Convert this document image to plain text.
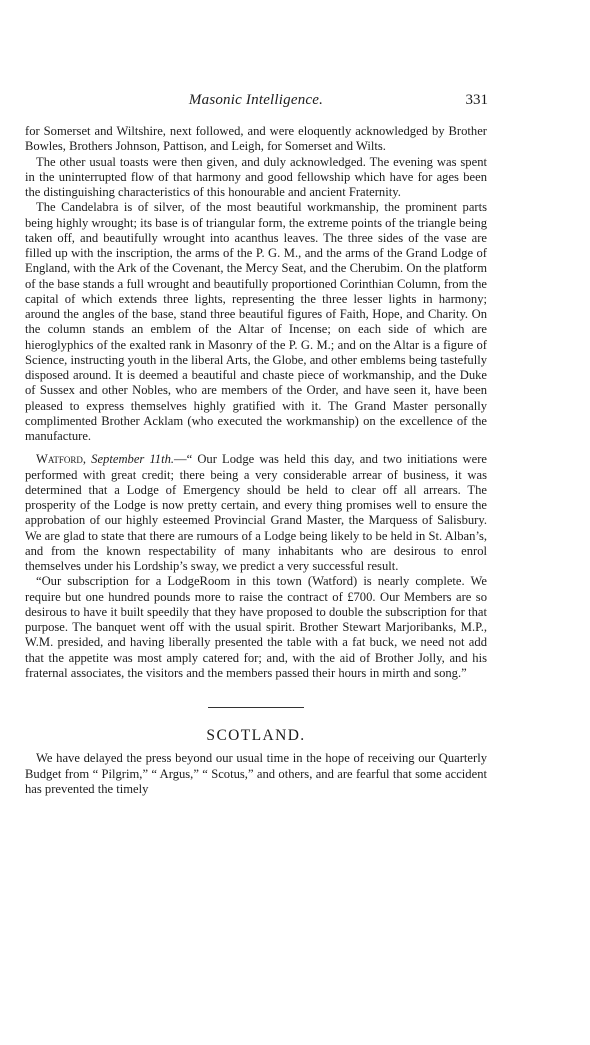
Masonic Intelligence.	331

for Somerset and Wiltshire, next followed, and were eloquently acknowledged by Brother Bowles, Brothers Johnson, Pattison, and Leigh, for Somerset and Wilts.

The other usual toasts were then given, and duly acknowledged. The evening was spent in the uninterrupted flow of that harmony and good fellowship which have for ages been the distinguishing characteristics of this honourable and ancient Fraternity.

The Candelabra is of silver, of the most beautiful workmanship, the prominent parts being highly wrought; its base is of triangular form, the extreme points of the triangle being taken off, and beautifully wrought into acanthus leaves. The three sides of the vase are filled up with the inscription, the arms of the P. G. M., and the arms of the Grand Lodge of England, with the Ark of the Covenant, the Mercy Seat, and the Cherubim. On the platform of the base stands a full wrought and beautifully proportioned Corinthian Column, from the capital of which extends three lights, representing the three lesser lights in harmony; around the angles of the base, stand three beautiful figures of Faith, Hope, and Charity. On the column stands an emblem of the Altar of Incense; on each side of which are hieroglyphics of the exalted rank in Masonry of the P. G. M.; and on the Altar is a figure of Science, instructing youth in the liberal Arts, the Globe, and other emblems being tastefully disposed around. It is deemed a beautiful and chaste piece of workmanship, and the Duke of Sussex and other Nobles, who are members of the Order, and have seen it, have been pleased to express themselves highly gratified with it. The Grand Master personally complimented Brother Acklam (who executed the workmanship) on the excellence of the manufacture.

Watford, September 11th.—“ Our Lodge was held this day, and two initiations were performed with great credit; there being a very considerable arrear of business, it was determined that a Lodge of Emergency should be held to clear off all arrears. The prosperity of the Lodge is now pretty certain, and every thing promises well to ensure the approbation of our highly esteemed Provincial Grand Master, the Marquess of Salisbury. We are glad to state that there are rumours of a Lodge being likely to be held in St. Alban’s, and from the known respectability of many inhabitants who are desirous to enrol themselves under his Lordship’s sway, we predict a very successful result.

“Our subscription for a LodgeRoom in this town (Watford) is nearly complete. We require but one hundred pounds more to raise the contract of £700. Our Members are so desirous to have it built speedily that they have proposed to double the subscription for that purpose. The banquet went off with the usual spirit. Brother Stewart Marjoribanks, M.P., W.M. presided, and having liberally presented the table with a fat buck, we need not add that the appetite was most amply catered for; and, with the aid of Brother Jolly, and his fraternal associates, the visitors and the members passed their hours in mirth and song.”

SCOTLAND.

We have delayed the press beyond our usual time in the hope of receiving our Quarterly Budget from “ Pilgrim,” “ Argus,” “ Scotus,” and others, and are fearful that some accident has prevented the timely
